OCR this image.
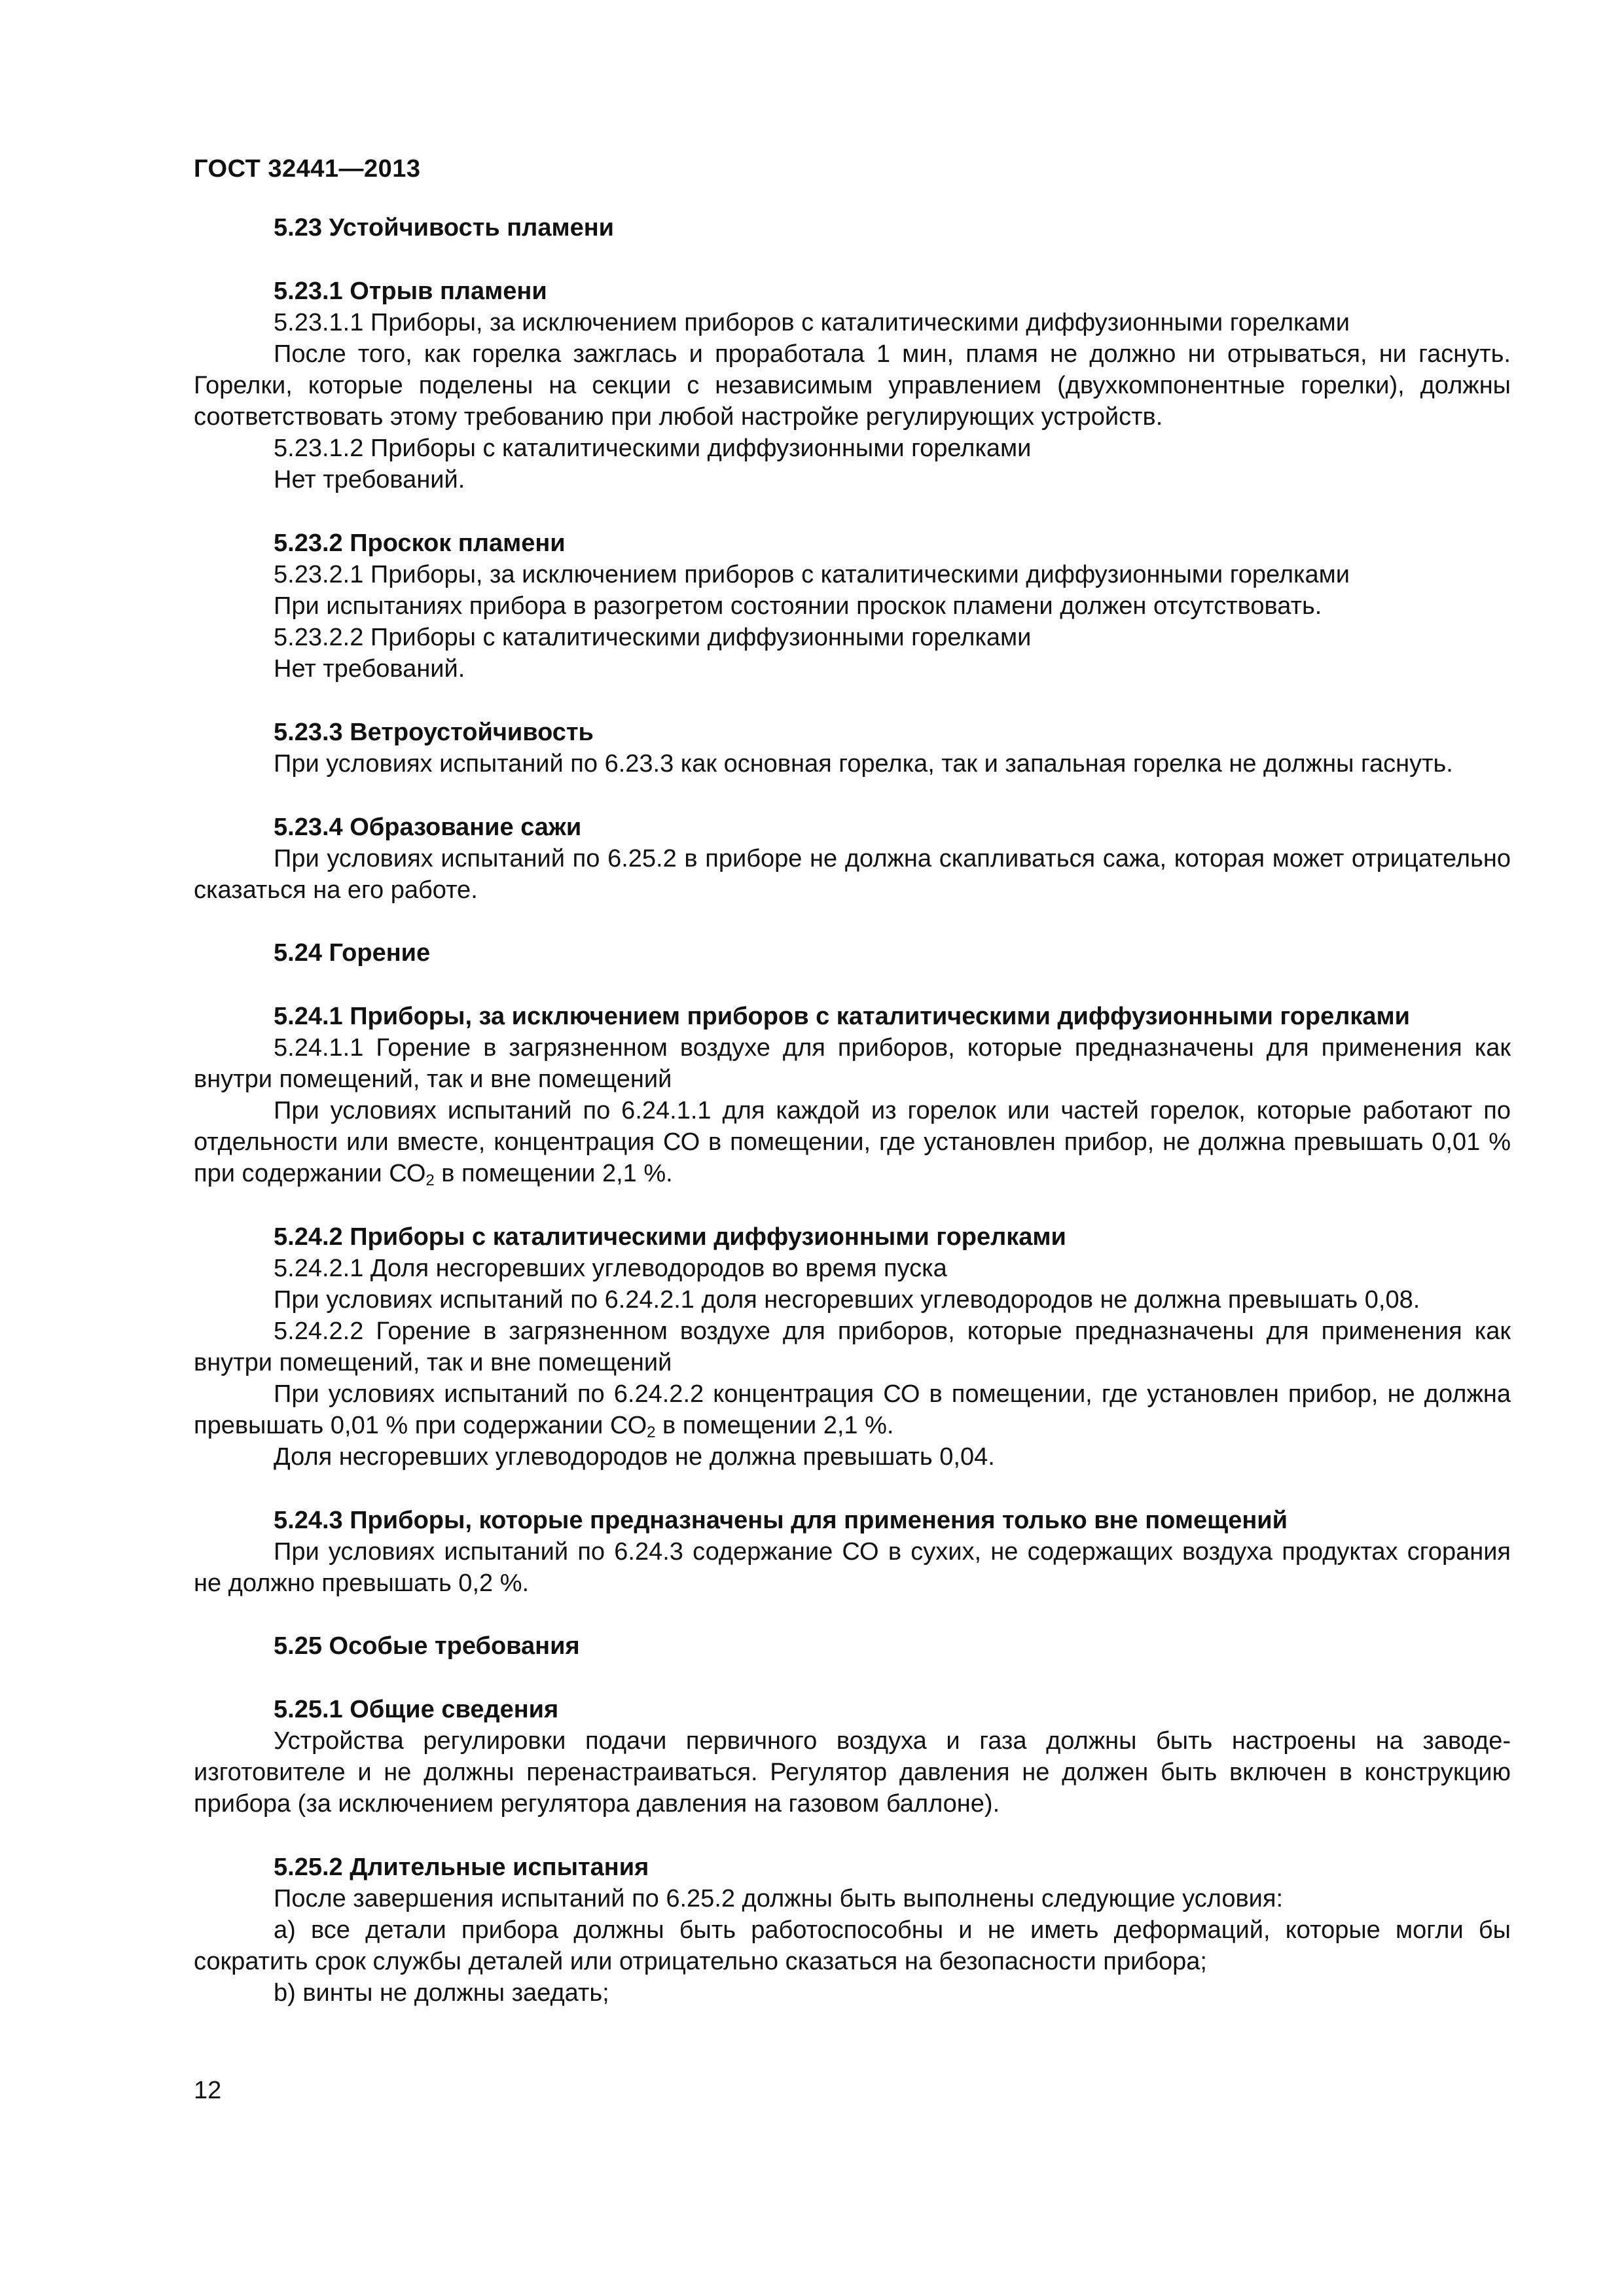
ГОСТ 32441—2013

5.23 Устойчивость пламени

5.23.1 Отрыв пламени

5.23.1.1 Приборы, за исключением приборов с каталитическими диффузионными горелками

После того, как горелка зажглась и проработала 1 мин, пламя не должно ни отрываться, ни гаснуть. Горелки, которые поделены на секции с независимым управлением (двухкомпонентные горелки), должны соответствовать этому требованию при любой настройке регулирующих устройств.

5.23.1.2 Приборы с каталитическими диффузионными горелками

Нет требований.

5.23.2 Проскок пламени

5.23.2.1 Приборы, за исключением приборов с каталитическими диффузионными горелками

При испытаниях прибора в разогретом состоянии проскок пламени должен отсутствовать.

5.23.2.2 Приборы с каталитическими диффузионными горелками

Нет требований.

5.23.3 Ветроустойчивость

При условиях испытаний по 6.23.3 как основная горелка, так и запальная горелка не должны гаснуть.

5.23.4 Образование сажи

При условиях испытаний по 6.25.2 в приборе не должна скапливаться сажа, которая может отрицательно сказаться на его работе.

5.24 Горение

5.24.1 Приборы, за исключением приборов с каталитическими диффузионными горелками

5.24.1.1 Горение в загрязненном воздухе для приборов, которые предназначены для применения как внутри помещений, так и вне помещений

При условиях испытаний по 6.24.1.1 для каждой из горелок или частей горелок, которые работают по отдельности или вместе, концентрация СО в помещении, где установлен прибор, не должна превышать 0,01 % при содержании $СО_2$ в помещении 2,1 %.

5.24.2 Приборы с каталитическими диффузионными горелками

5.24.2.1 Доля несгоревших углеводородов во время пуска

При условиях испытаний по 6.24.2.1 доля несгоревших углеводородов не должна превышать 0,08.

5.24.2.2 Горение в загрязненном воздухе для приборов, которые предназначены для применения как внутри помещений, так и вне помещений

При условиях испытаний по 6.24.2.2 концентрация СО в помещении, где установлен прибор, не должна превышать 0,01 % при содержании $СО_2$ в помещении 2,1 %.

Доля несгоревших углеводородов не должна превышать 0,04.

5.24.3 Приборы, которые предназначены для применения только вне помещений

При условиях испытаний по 6.24.3 содержание СО в сухих, не содержащих воздуха продуктах сгорания не должно превышать 0,2 %.

5.25 Особые требования

5.25.1 Общие сведения

Устройства регулировки подачи первичного воздуха и газа должны быть настроены на заводе-изготовителе и не должны перенастраиваться. Регулятор давления не должен быть включен в конструкцию прибора (за исключением регулятора давления на газовом баллоне).

5.25.2 Длительные испытания

После завершения испытаний по 6.25.2 должны быть выполнены следующие условия:

a) все детали прибора должны быть работоспособны и не иметь деформаций, которые могли бы сократить срок службы деталей или отрицательно сказаться на безопасности прибора;

b) винты не должны заедать;

12
